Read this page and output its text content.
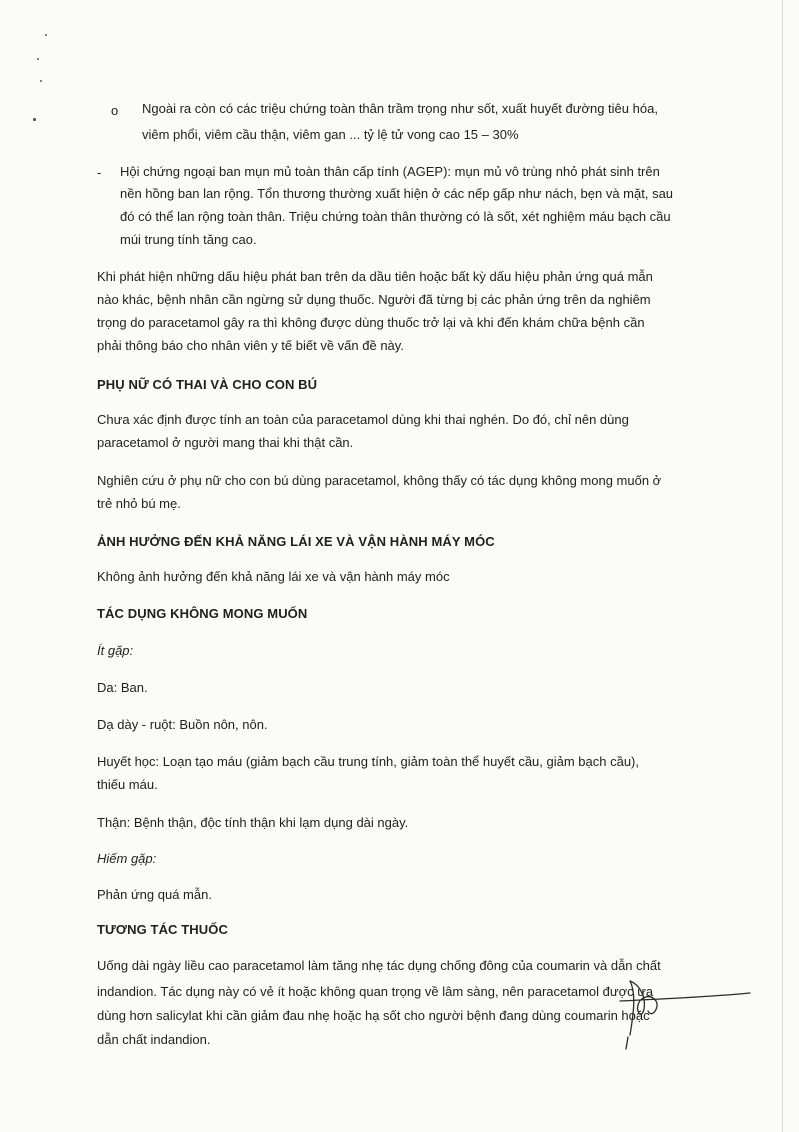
o Ngoài ra còn có các triệu chứng toàn thân trầm trọng như sốt, xuất huyết đường tiêu hóa,
viêm phổi, viêm cầu thận, viêm gan ... tỷ lệ tử vong cao 15 – 30%
- Hội chứng ngoại ban mụn mủ toàn thân cấp tính (AGEP): mụn mủ vô trùng nhỏ phát sinh trên
nền hồng ban lan rộng. Tổn thương thường xuất hiện ở các nếp gấp như nách, bẹn và mặt, sau
đó có thể lan rộng toàn thân. Triệu chứng toàn thân thường có là sốt, xét nghiệm máu bạch cầu
múi trung tính tăng cao.
Khi phát hiện những dấu hiệu phát ban trên da dầu tiên hoặc bất kỳ dấu hiệu phản ứng quá mẫn
nào khác, bệnh nhân cần ngừng sử dụng thuốc. Người đã từng bị các phản ứng trên da nghiêm
trọng do paracetamol gây ra thì không được dùng thuốc trở lại và khi đến khám chữa bệnh cần
phải thông báo cho nhân viên y tế biết về vấn đề này.
PHỤ NỮ CÓ THAI VÀ CHO CON BÚ
Chưa xác định được tính an toàn của paracetamol dùng khi thai nghén. Do đó, chỉ nên dùng
paracetamol ở người mang thai khi thật cần.
Nghiên cứu ở phụ nữ cho con bú dùng paracetamol, không thấy có tác dụng không mong muốn ở
trẻ nhỏ bú mẹ.
ẢNH HƯỞNG ĐẾN KHẢ NĂNG LÁI XE VÀ VẬN HÀNH MÁY MÓC
Không ảnh hưởng đến khả năng lái xe và vận hành máy móc
TÁC DỤNG KHÔNG MONG MUỐN
Ít gặp:
Da: Ban.
Dạ dày - ruột: Buồn nôn, nôn.
Huyết học: Loạn tạo máu (giảm bạch cầu trung tính, giảm toàn thể huyết cầu, giảm bạch cầu),
thiếu máu.
Thận: Bệnh thận, độc tính thận khi lạm dụng dài ngày.
Hiếm gặp:
Phản ứng quá mẫn.
TƯƠNG TÁC THUỐC
Uống dài ngày liều cao paracetamol làm tăng nhẹ tác dụng chống đông của coumarin và dẫn chất
indandion. Tác dụng này có vẻ ít hoặc không quan trọng về lâm sàng, nên paracetamol được ưa
dùng hơn salicylat khi cần giảm đau nhẹ hoặc hạ sốt cho người bệnh đang dùng coumarin hoặc
dẫn chất indandion.
